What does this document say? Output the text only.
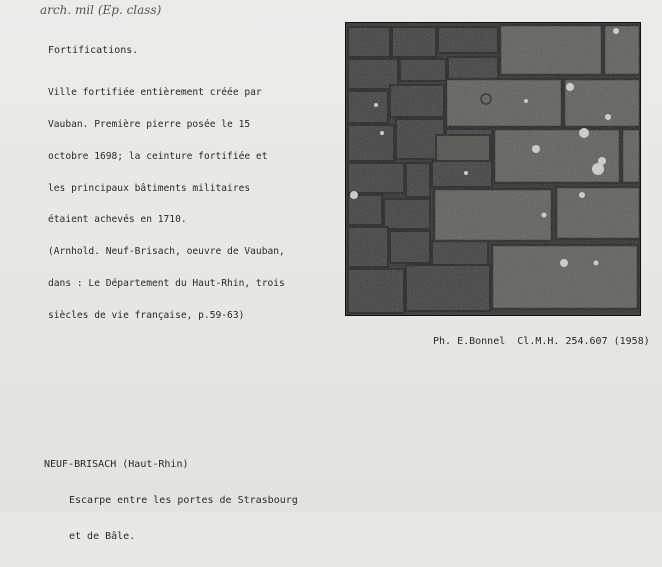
arch. mil (Ep. class)
Fortifications.

Ville fortifiée entièrement créée par

Vauban. Première pierre posée le 15

octobre 1698; la ceinture fortifiée et

les principaux bâtiments militaires

étaient achevés en 1710.

(Arnhold. Neuf-Brisach, oeuvre de Vauban,

dans : Le Département du Haut-Rhin, trois

siècles de vie française, p.59-63)

Ph. E.Bonnel  Cl.M.H. 254.607 (1958)

NEUF-BRISACH (Haut-Rhin)

Escarpe entre les portes de Strasbourg

et de Bâle.
